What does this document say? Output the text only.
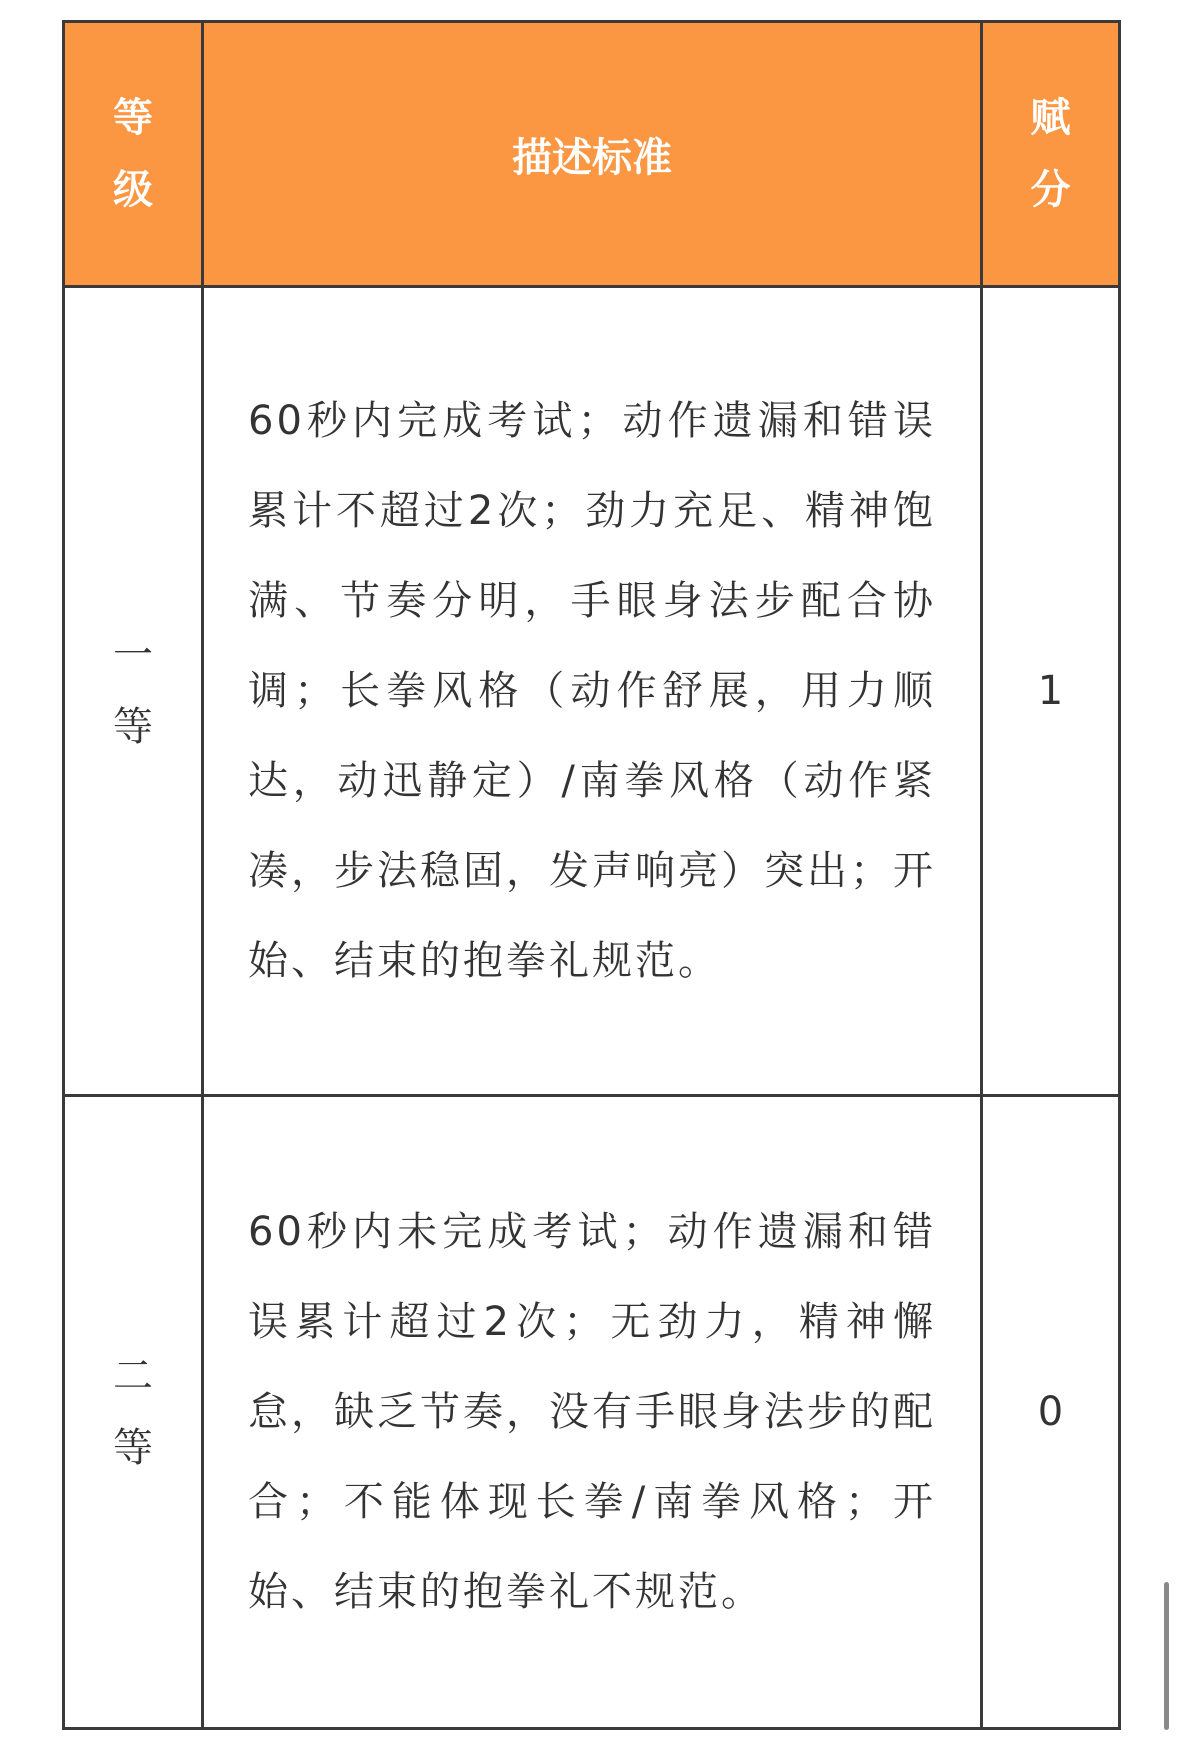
等级	描述标准	赋分
一等	60秒内完成考试；动作遗漏和错误累计不超过2次；劲力充足、精神饱满、节奏分明，手眼身法步配合协调；长拳风格（动作舒展，用力顺达，动迅静定）/南拳风格（动作紧凑，步法稳固，发声响亮）突出；开始、结束的抱拳礼规范。	1
二等	60秒内未完成考试；动作遗漏和错误累计超过2次；无劲力，精神懈怠，缺乏节奏，没有手眼身法步的配合；不能体现长拳/南拳风格；开始、结束的抱拳礼不规范。	0
